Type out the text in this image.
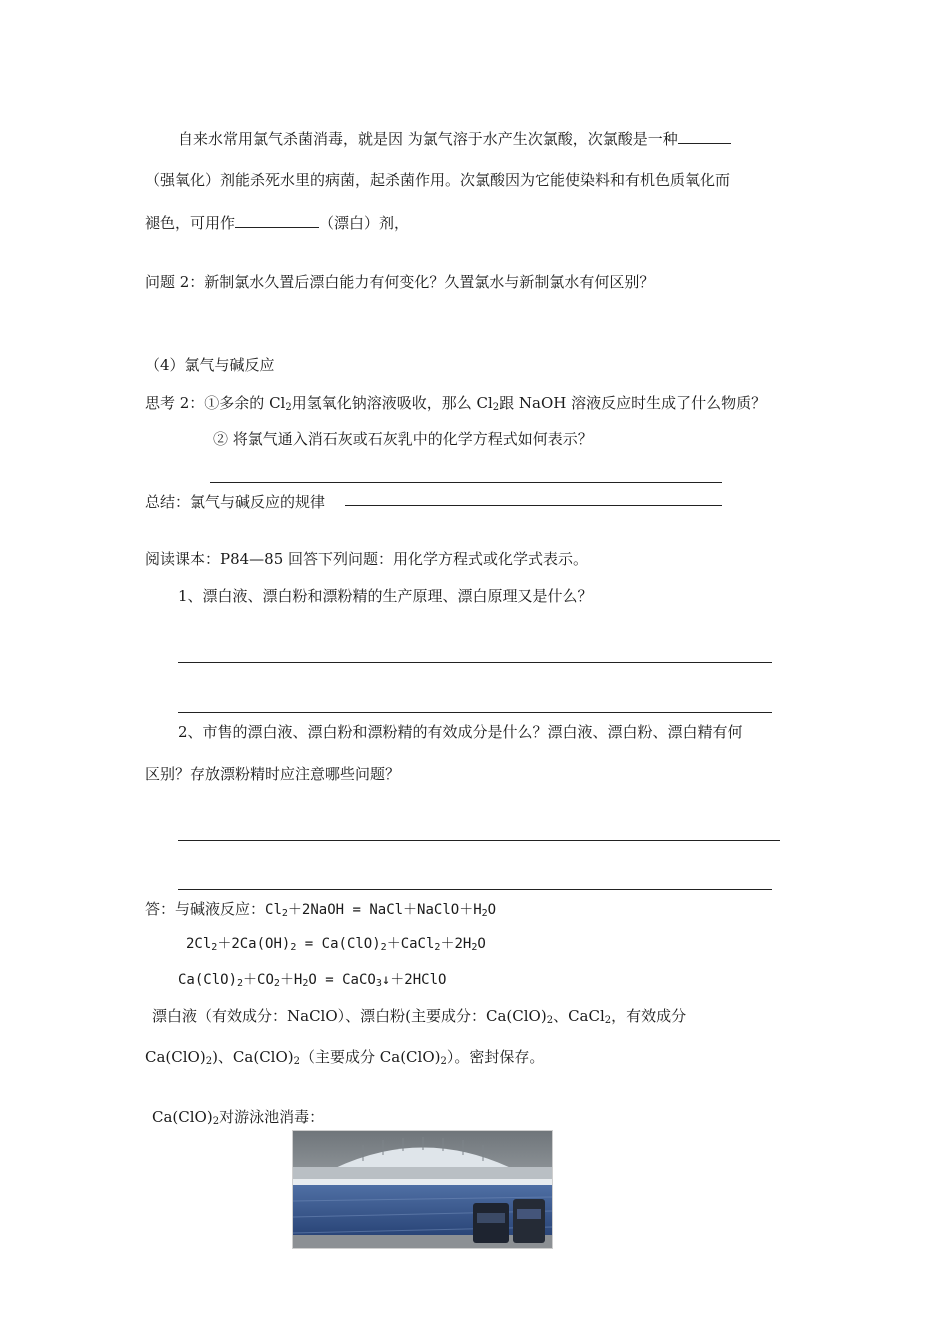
自来水常用氯气杀菌消毒，就是因 为氯气溶于水产生次氯酸，次氯酸是一种
（强氧化）剂能杀死水里的病菌，起杀菌作用。次氯酸因为它能使染料和有机色质氧化而
褪色，可用作	（漂白）剂，
问题 2：新制氯水久置后漂白能力有何变化？久置氯水与新制氯水有何区别？
（4）氯气与碱反应
思考 2：①多余的 $Cl_2$用氢氧化钠溶液吸收，那么 $Cl_2$跟 NaOH 溶液反应时生成了什么物质？
② 将氯气通入消石灰或石灰乳中的化学方程式如何表示？
总结：氯气与碱反应的规律
阅读课本：P84—85 回答下列问题：用化学方程式或化学式表示。
1、漂白液、漂白粉和漂粉精的生产原理、漂白原理又是什么？
2、市售的漂白液、漂白粉和漂粉精的有效成分是什么？漂白液、漂白粉、漂白精有何
区别？存放漂粉精时应注意哪些问题？
答：与碱液反应：$Cl_2+2NaOH$ = $NaCl+NaClO+H_2O$
$2Cl_2+2Ca(OH)_2$ = $Ca(ClO)_2+CaCl_2+2H_2O$
$Ca(ClO)_2+CO_2+H_2O$ = CaCO$_3$↓＋2HClO
漂白液（有效成分：NaClO）、漂白粉(主要成分：$Ca(ClO)_2$、CaCl$_2$，有效成分
$Ca(ClO)_2$)、$Ca(ClO)_2$（主要成分 $Ca(ClO)_2$）。密封保存。
$Ca(ClO)_2$对游泳池消毒：
